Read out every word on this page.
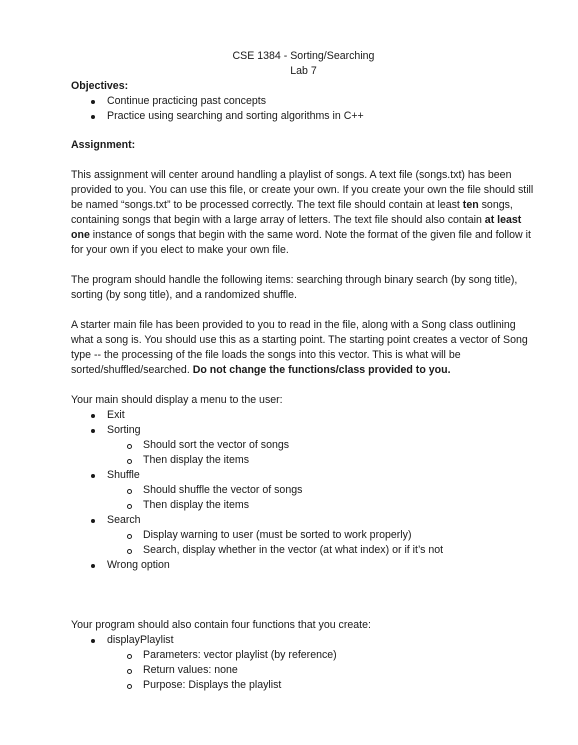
CSE 1384 - Sorting/Searching
Lab 7

Objectives:

Continue practicing past concepts
Practice using searching and sorting algorithms in C++

Assignment:

This assignment will center around handling a playlist of songs. A text file (songs.txt) has been provided to you. You can use this file, or create your own. If you create your own the file should still be named “songs.txt” to be processed correctly. The text file should contain at least ten songs, containing songs that begin with a large array of letters. The text file should also contain at least one instance of songs that begin with the same word. Note the format of the given file and follow it for your own if you elect to make your own file.

The program should handle the following items: searching through binary search (by song title), sorting (by song title), and a randomized shuffle.

A starter main file has been provided to you to read in the file, along with a Song class outlining what a song is. You should use this as a starting point. The starting point creates a vector of Song type -- the processing of the file loads the songs into this vector. This is what will be sorted/shuffled/searched. Do not change the functions/class provided to you.

Your main should display a menu to the user:

Exit
Sorting
Should sort the vector of songs
Then display the items
Shuffle
Should shuffle the vector of songs
Then display the items
Search
Display warning to user (must be sorted to work properly)
Search, display whether in the vector (at what index) or if it’s not
Wrong option

Your program should also contain four functions that you create:

displayPlaylist
Parameters: vector playlist (by reference)
Return values: none
Purpose: Displays the playlist
